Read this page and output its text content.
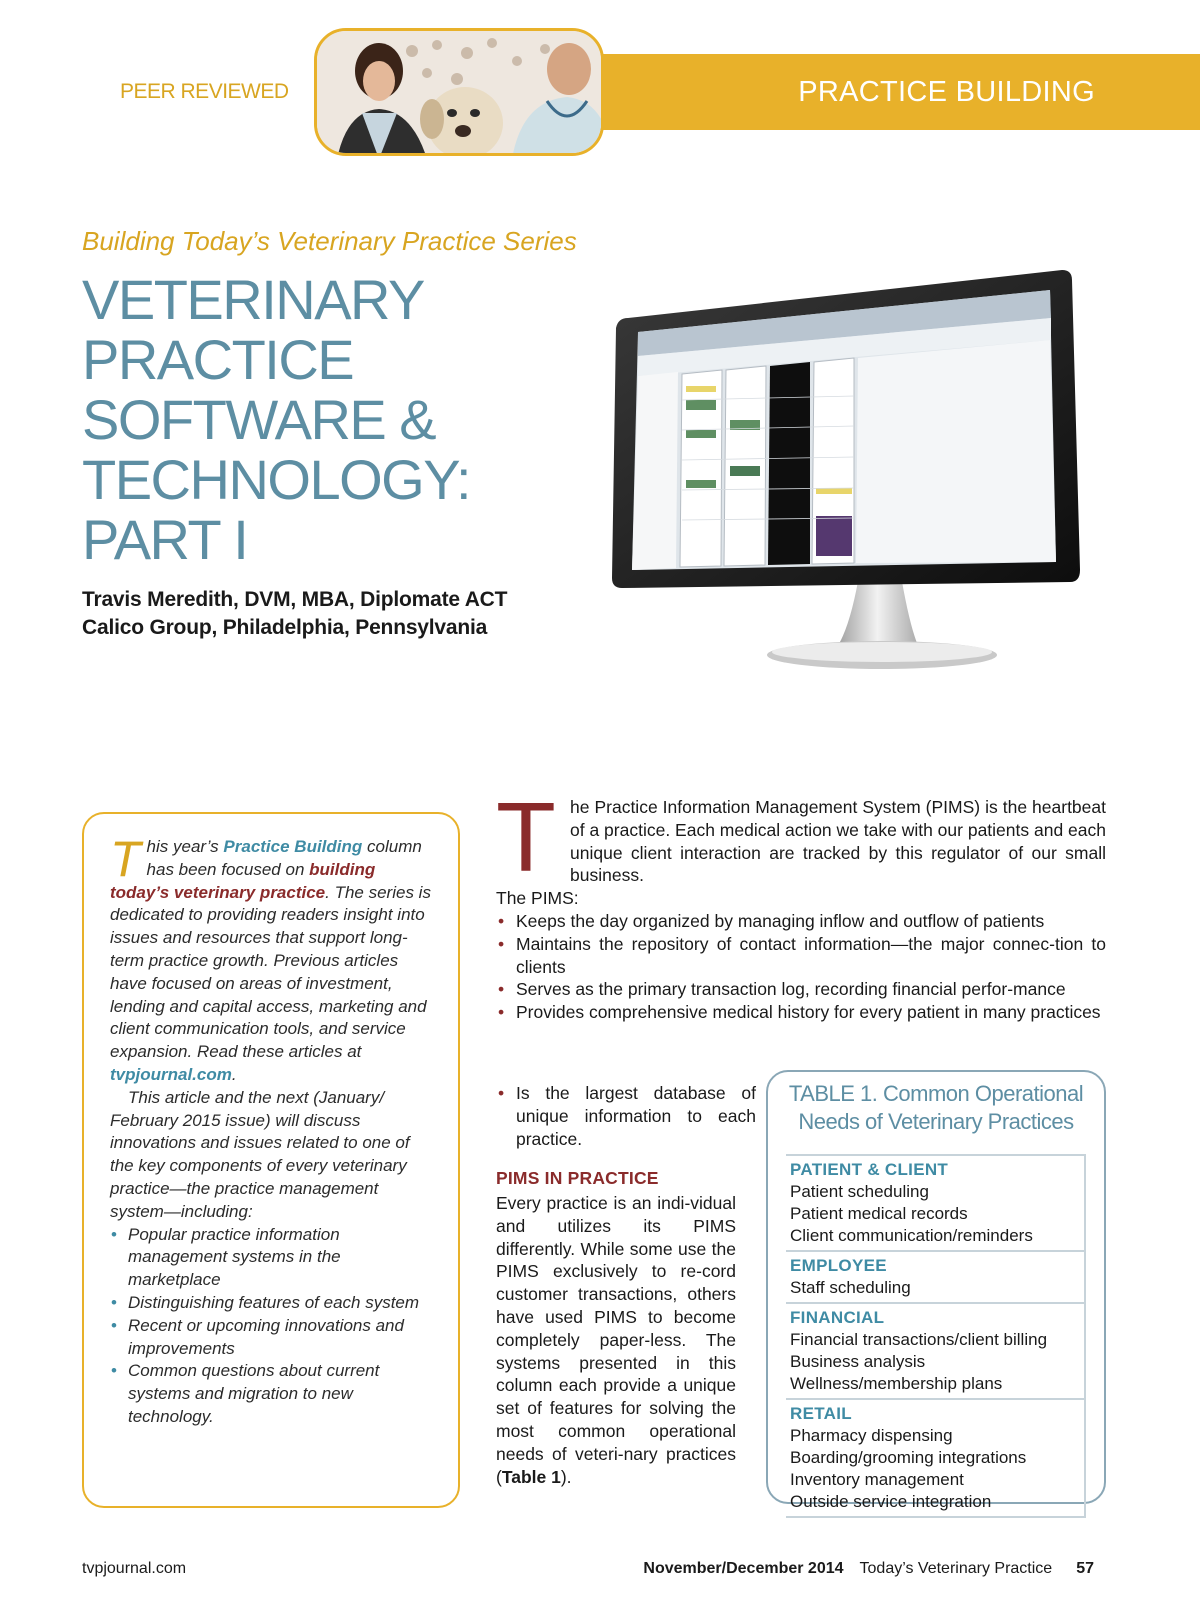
PEER REVIEWED	PRACTICE BUILDING
Building Today’s Veterinary Practice Series
VETERINARY
PRACTICE
SOFTWARE &
TECHNOLOGY:
PART I
Travis Meredith, DVM, MBA, Diplomate ACT
Calico Group, Philadelphia, Pennsylvania

This year’s Practice Building column has been focused on building today’s veterinary practice. The series is dedicated to providing readers insight into issues and resources that support long-term practice growth. Previous articles have focused on areas of investment, lending and capital access, marketing and client communication tools, and service expansion. Read these articles at tvpjournal.com.

This article and the next (January/ February 2015 issue) will discuss innovations and issues related to one of the key components of every veterinary practice—the practice management system—including:

• Popular practice information management systems in the marketplace
• Distinguishing features of each system
• Recent or upcoming innovations and improvements
• Common questions about current systems and migration to new technology.
T he Practice Information Management System (PIMS) is the heartbeat of a practice. Each medical action we take with our patients and each unique client interaction are tracked by this regulator of our small business.
The PIMS:
• Keeps the day organized by managing inflow and outflow of patients
• Maintains the repository of contact information—the major connec-tion to clients
• Serves as the primary transaction log, recording financial perfor-mance
• Provides comprehensive medical history for every patient in many practices
• Is the largest database of unique information to each practice.
PIMS IN PRACTICE
Every practice is an indi-vidual and utilizes its PIMS differently. While some use the PIMS exclusively to re-cord customer transactions, others have used PIMS to become completely paper-less. The systems presented in this column each provide a unique set of features for solving the most common operational needs of veteri-nary practices (Table 1).
TABLE 1. Common Operational
Needs of Veterinary Practices
PATIENT & CLIENT
Patient scheduling
Patient medical records
Client communication/reminders
EMPLOYEE
Staff scheduling
FINANCIAL
Financial transactions/client billing
Business analysis
Wellness/membership plans
RETAIL
Pharmacy dispensing
Boarding/grooming integrations
Inventory management
Outside service integration
tvpjournal.com	November/December 2014 Today’s Veterinary Practice 57
